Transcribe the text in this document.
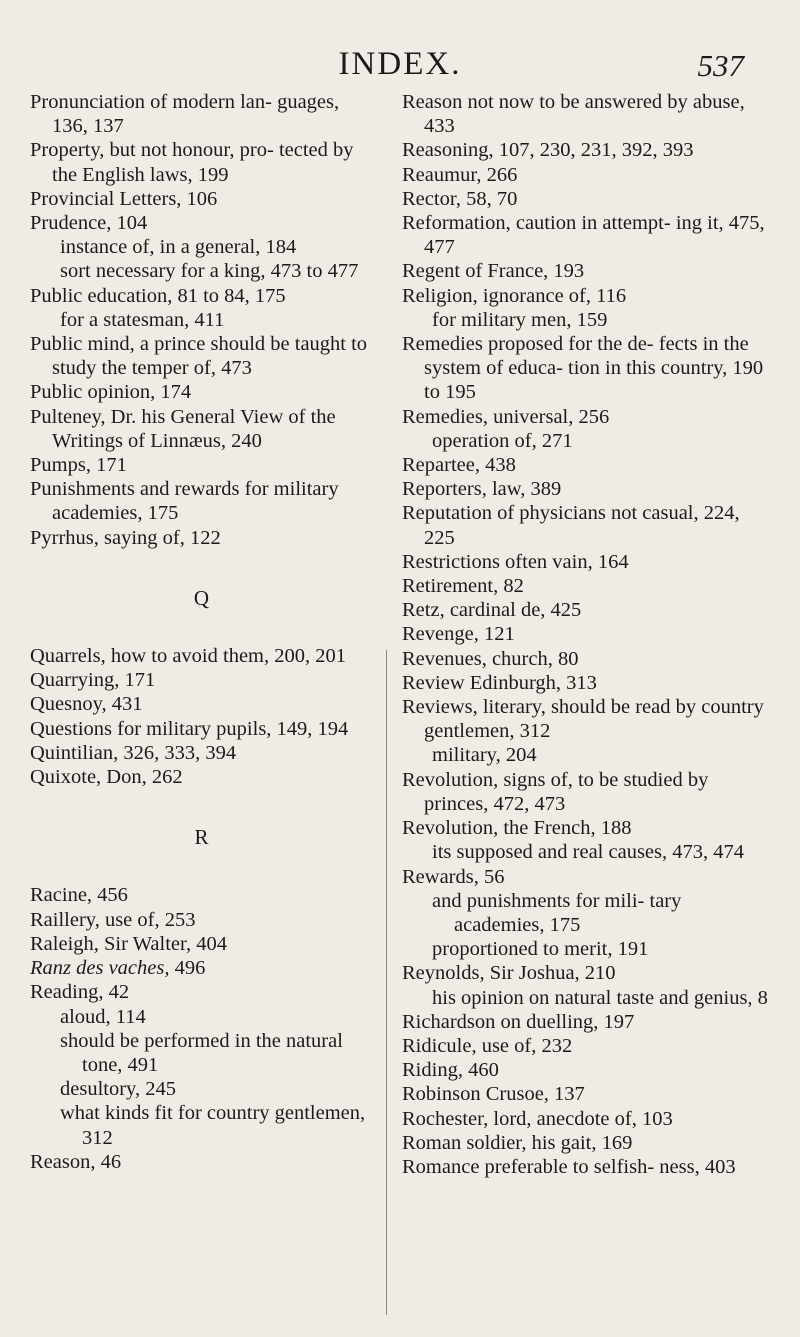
INDEX.	537

Pronunciation of modern lan- guages, 136, 137

Property, but not honour, pro- tected by the English laws, 199

Provincial Letters, 106

Prudence, 104

instance of, in a general, 184

sort necessary for a king, 473 to 477

Public education, 81 to 84, 175

for a statesman, 411

Public mind, a prince should be taught to study the temper of, 473

Public opinion, 174

Pulteney, Dr. his General View of the Writings of Linnæus, 240

Pumps, 171

Punishments and rewards for military academies, 175

Pyrrhus, saying of, 122

Q

Quarrels, how to avoid them, 200, 201

Quarrying, 171

Quesnoy, 431

Questions for military pupils, 149, 194

Quintilian, 326, 333, 394

Quixote, Don, 262

R

Racine, 456

Raillery, use of, 253

Raleigh, Sir Walter, 404

Ranz des vaches, 496

Reading, 42

aloud, 114

should be performed in the natural tone, 491

desultory, 245

what kinds fit for country gentlemen, 312

Reason, 46

Reason not now to be answered by abuse, 433

Reasoning, 107, 230, 231, 392, 393

Reaumur, 266

Rector, 58, 70

Reformation, caution in attempt- ing it, 475, 477

Regent of France, 193

Religion, ignorance of, 116

for military men, 159

Remedies proposed for the de- fects in the system of educa- tion in this country, 190 to 195

Remedies, universal, 256

operation of, 271

Repartee, 438

Reporters, law, 389

Reputation of physicians not casual, 224, 225

Restrictions often vain, 164

Retirement, 82

Retz, cardinal de, 425

Revenge, 121

Revenues, church, 80

Review Edinburgh, 313

Reviews, literary, should be read by country gentlemen, 312

military, 204

Revolution, signs of, to be studied by princes, 472, 473

Revolution, the French, 188

its supposed and real causes, 473, 474

Rewards, 56

and punishments for mili- tary academies, 175

proportioned to merit, 191

Reynolds, Sir Joshua, 210

his opinion on natural taste and genius, 8

Richardson on duelling, 197

Ridicule, use of, 232

Riding, 460

Robinson Crusoe, 137

Rochester, lord, anecdote of, 103

Roman soldier, his gait, 169

Romance preferable to selfish- ness, 403
